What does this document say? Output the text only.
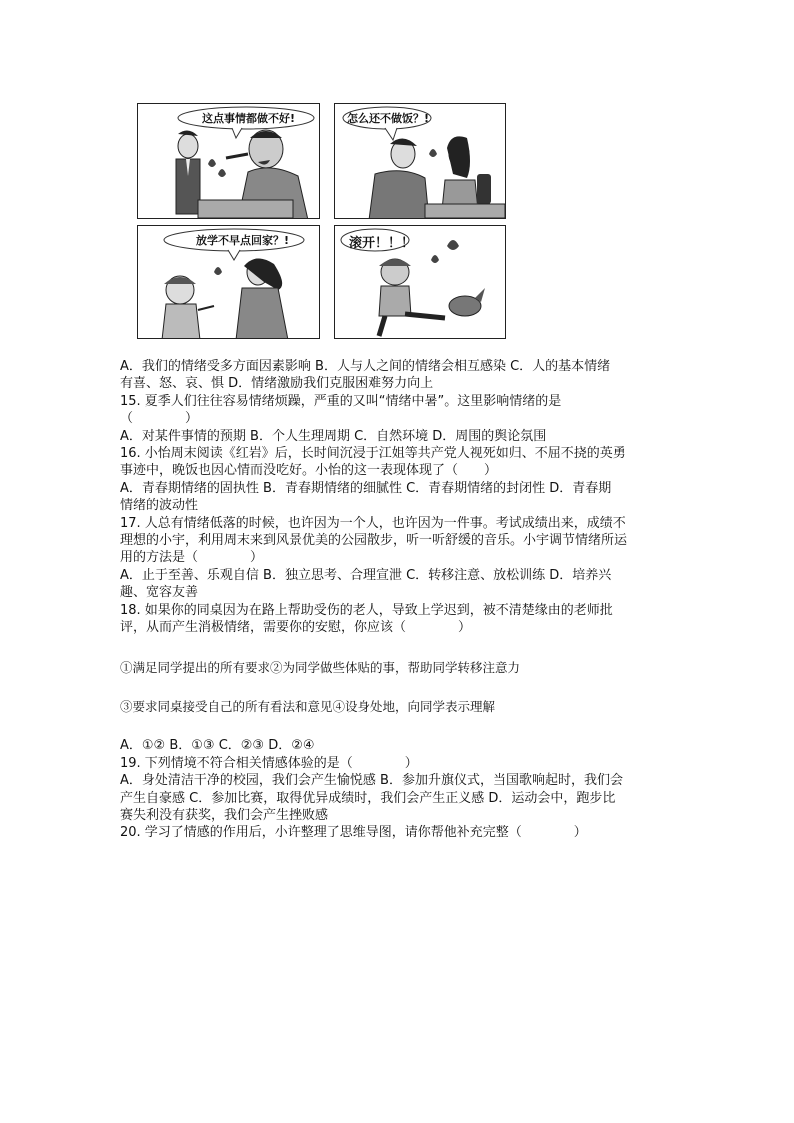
这点事情都做不好!	怎么还不做饭？!
放学不早点回家？!	滚开！！！
A．我们的情绪受多方面因素影响 B．人与人之间的情绪会相互感染 C．人的基本情绪
有喜、怒、哀、惧 D．情绪激励我们克服困难努力向上
15. 夏季人们往往容易情绪烦躁，严重的又叫“情绪中暑”。这里影响情绪的是
（　　　　）
A．对某件事情的预期 B．个人生理周期 C．自然环境 D．周围的舆论氛围
16. 小怡周末阅读《红岩》后，长时间沉浸于江姐等共产党人视死如归、不屈不挠的英勇
事迹中，晚饭也因心情而没吃好。小怡的这一表现体现了（　　）
A．青春期情绪的固执性 B．青春期情绪的细腻性 C．青春期情绪的封闭性 D．青春期
情绪的波动性
17. 人总有情绪低落的时候，也许因为一个人，也许因为一件事。考试成绩出来，成绩不
理想的小宇，利用周末来到风景优美的公园散步，听一听舒缓的音乐。小宇调节情绪所运
用的方法是（　　　　）
A．止于至善、乐观自信 B．独立思考、合理宣泄 C．转移注意、放松训练 D．培养兴
趣、宽容友善
18. 如果你的同桌因为在路上帮助受伤的老人，导致上学迟到，被不清楚缘由的老师批
评，从而产生消极情绪，需要你的安慰，你应该（　　　　）
①满足同学提出的所有要求②为同学做些体贴的事，帮助同学转移注意力
③要求同桌接受自己的所有看法和意见④设身处地，向同学表示理解
A．①② B．①③ C．②③ D．②④
19. 下列情境不符合相关情感体验的是（　　　　）
A．身处清洁干净的校园，我们会产生愉悦感 B．参加升旗仪式，当国歌响起时，我们会
产生自豪感 C．参加比赛，取得优异成绩时，我们会产生正义感 D．运动会中，跑步比
赛失利没有获奖，我们会产生挫败感
20. 学习了情感的作用后，小许整理了思维导图，请你帮他补充完整（　　　　）
